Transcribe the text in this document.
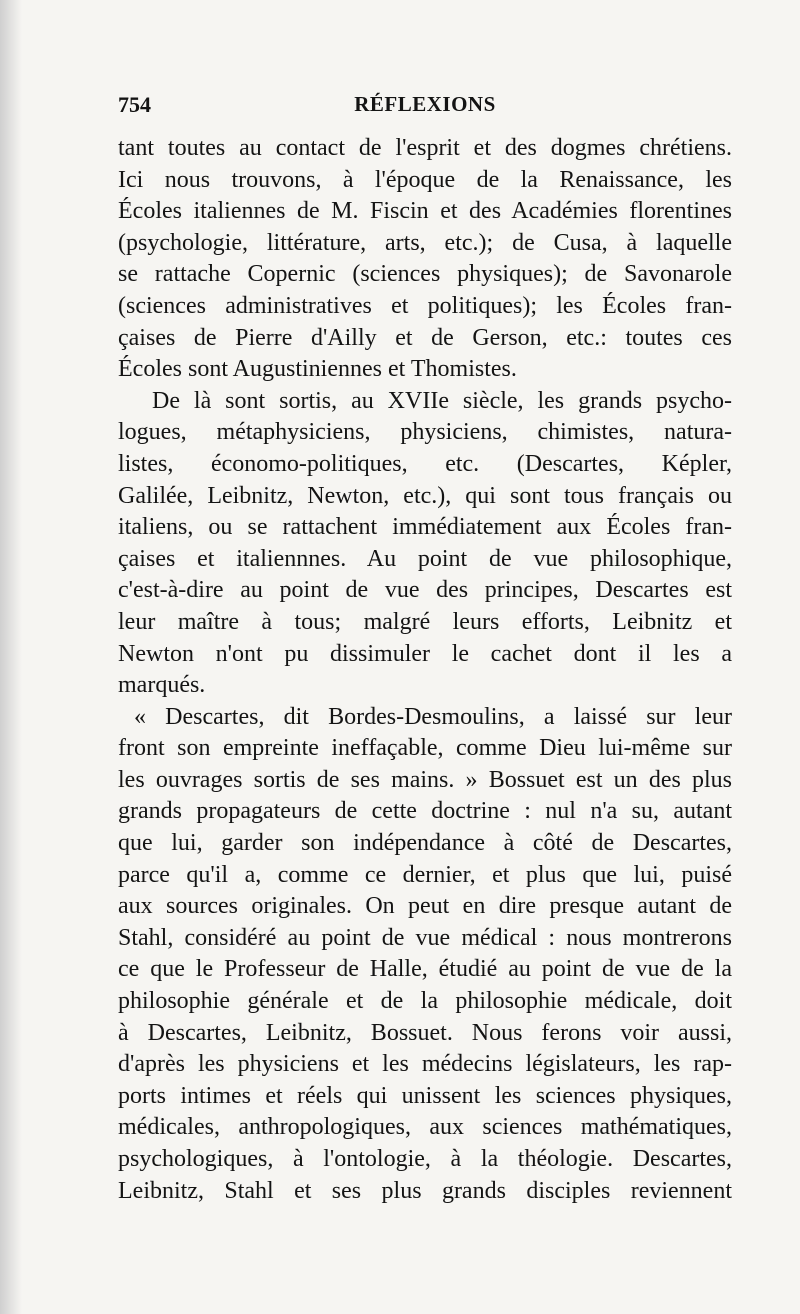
754	RÉFLEXIONS
tant toutes au contact de l'esprit et des dogmes chrétiens.
Ici nous trouvons, à l'époque de la Renaissance, les
Écoles italiennes de M. Fiscin et des Académies florentines
(psychologie, littérature, arts, etc.); de Cusa, à laquelle
se rattache Copernic (sciences physiques); de Savonarole
(sciences administratives et politiques); les Écoles fran-
çaises de Pierre d'Ailly et de Gerson, etc.: toutes ces
Écoles sont Augustiniennes et Thomistes.
De là sont sortis, au XVIIe siècle, les grands psycho-
logues, métaphysiciens, physiciens, chimistes, natura-
listes, économo-politiques, etc. (Descartes, Képler,
Galilée, Leibnitz, Newton, etc.), qui sont tous français ou
italiens, ou se rattachent immédiatement aux Écoles fran-
çaises et italiennnes. Au point de vue philosophique,
c'est-à-dire au point de vue des principes, Descartes est
leur maître à tous; malgré leurs efforts, Leibnitz et
Newton n'ont pu dissimuler le cachet dont il les a
marqués.
« Descartes, dit Bordes-Desmoulins, a laissé sur leur
front son empreinte ineffaçable, comme Dieu lui-même sur
les ouvrages sortis de ses mains. » Bossuet est un des plus
grands propagateurs de cette doctrine : nul n'a su, autant
que lui, garder son indépendance à côté de Descartes,
parce qu'il a, comme ce dernier, et plus que lui, puisé
aux sources originales. On peut en dire presque autant de
Stahl, considéré au point de vue médical : nous montrerons
ce que le Professeur de Halle, étudié au point de vue de la
philosophie générale et de la philosophie médicale, doit
à Descartes, Leibnitz, Bossuet. Nous ferons voir aussi,
d'après les physiciens et les médecins législateurs, les rap-
ports intimes et réels qui unissent les sciences physiques,
médicales, anthropologiques, aux sciences mathématiques,
psychologiques, à l'ontologie, à la théologie. Descartes,
Leibnitz, Stahl et ses plus grands disciples reviennent
